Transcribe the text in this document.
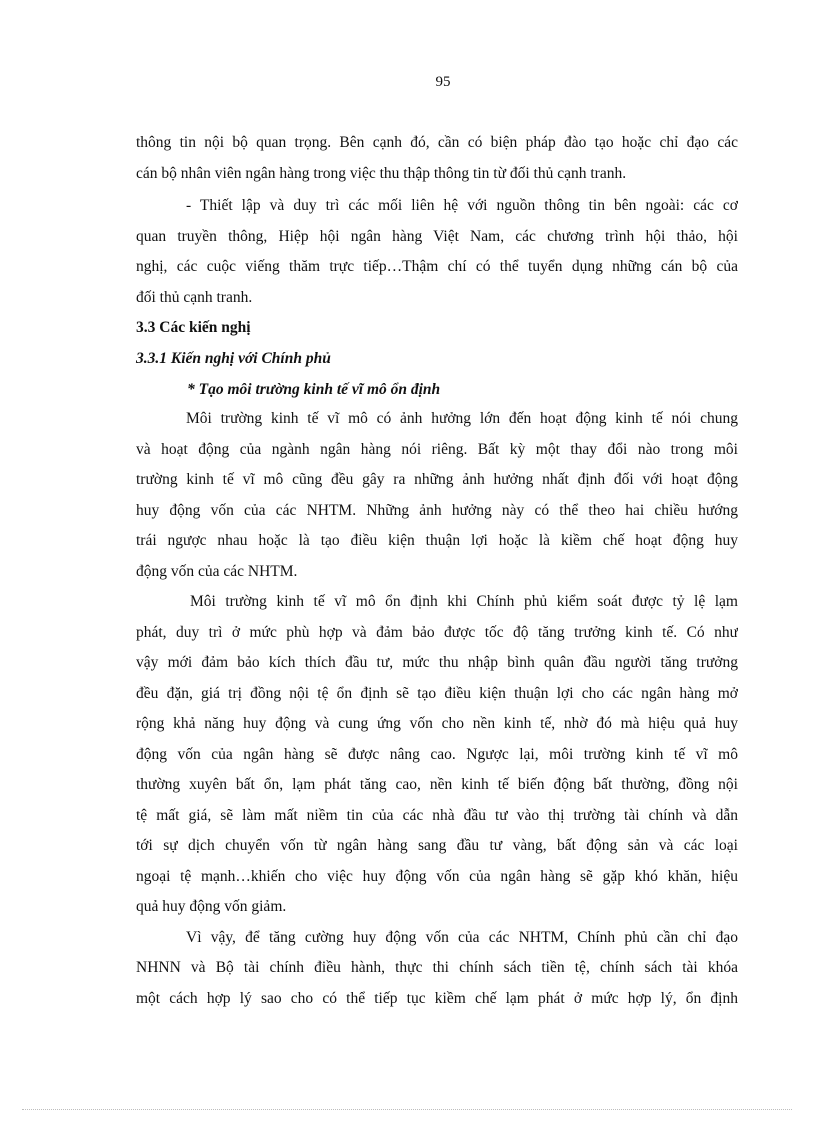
95
thông tin nội bộ quan trọng. Bên cạnh đó, cần có biện pháp đào tạo hoặc chỉ đạo các
cán bộ nhân viên ngân hàng trong việc thu thập thông tin từ đối thủ cạnh tranh.
- Thiết lập và duy trì các mối liên hệ với nguồn thông tin bên ngoài: các cơ
quan truyền thông, Hiệp hội ngân hàng Việt Nam, các chương trình hội thảo, hội
nghị, các cuộc viếng thăm trực tiếp…Thậm chí có thể tuyển dụng những cán bộ của
đối thủ cạnh tranh.
3.3 Các kiến nghị
3.3.1 Kiến nghị với Chính phủ
* Tạo môi trường kinh tế vĩ mô ổn định
Môi trường kinh tế vĩ mô có ảnh hưởng lớn đến hoạt động kinh tế nói chung
và hoạt động của ngành ngân hàng nói riêng. Bất kỳ một thay đổi nào trong môi
trường kinh tế vĩ mô cũng đều gây ra những ảnh hưởng nhất định đối với hoạt động
huy động vốn của các NHTM. Những ảnh hưởng này có thể theo hai chiều hướng
trái ngược nhau hoặc là tạo điều kiện thuận lợi hoặc là kiềm chế hoạt động huy
động vốn của các NHTM.
Môi trường kinh tế vĩ mô ổn định khi Chính phủ kiểm soát được tỷ lệ lạm
phát, duy trì ở mức phù hợp và đảm bảo được tốc độ tăng trưởng kinh tế. Có như
vậy mới đảm bảo kích thích đầu tư, mức thu nhập bình quân đầu người tăng trưởng
đều đặn, giá trị đồng nội tệ ổn định sẽ tạo điều kiện thuận lợi cho các ngân hàng mở
rộng khả năng huy động và cung ứng vốn cho nền kinh tế, nhờ đó mà hiệu quả huy
động vốn của ngân hàng sẽ được nâng cao. Ngược lại, môi trường kinh tế vĩ mô
thường xuyên bất ổn, lạm phát tăng cao, nền kinh tế biến động bất thường, đồng nội
tệ mất giá, sẽ làm mất niềm tin của các nhà đầu tư vào thị trường tài chính và dẫn
tới sự dịch chuyển vốn từ ngân hàng sang đầu tư vàng, bất động sản và các loại
ngoại tệ mạnh…khiến cho việc huy động vốn của ngân hàng sẽ gặp khó khăn, hiệu
quả huy động vốn giảm.
Vì vậy, để tăng cường huy động vốn của các NHTM, Chính phủ cần chỉ đạo
NHNN và Bộ tài chính điều hành, thực thi chính sách tiền tệ, chính sách tài khóa
một cách hợp lý sao cho có thể tiếp tục kiềm chế lạm phát ở mức hợp lý, ổn định
